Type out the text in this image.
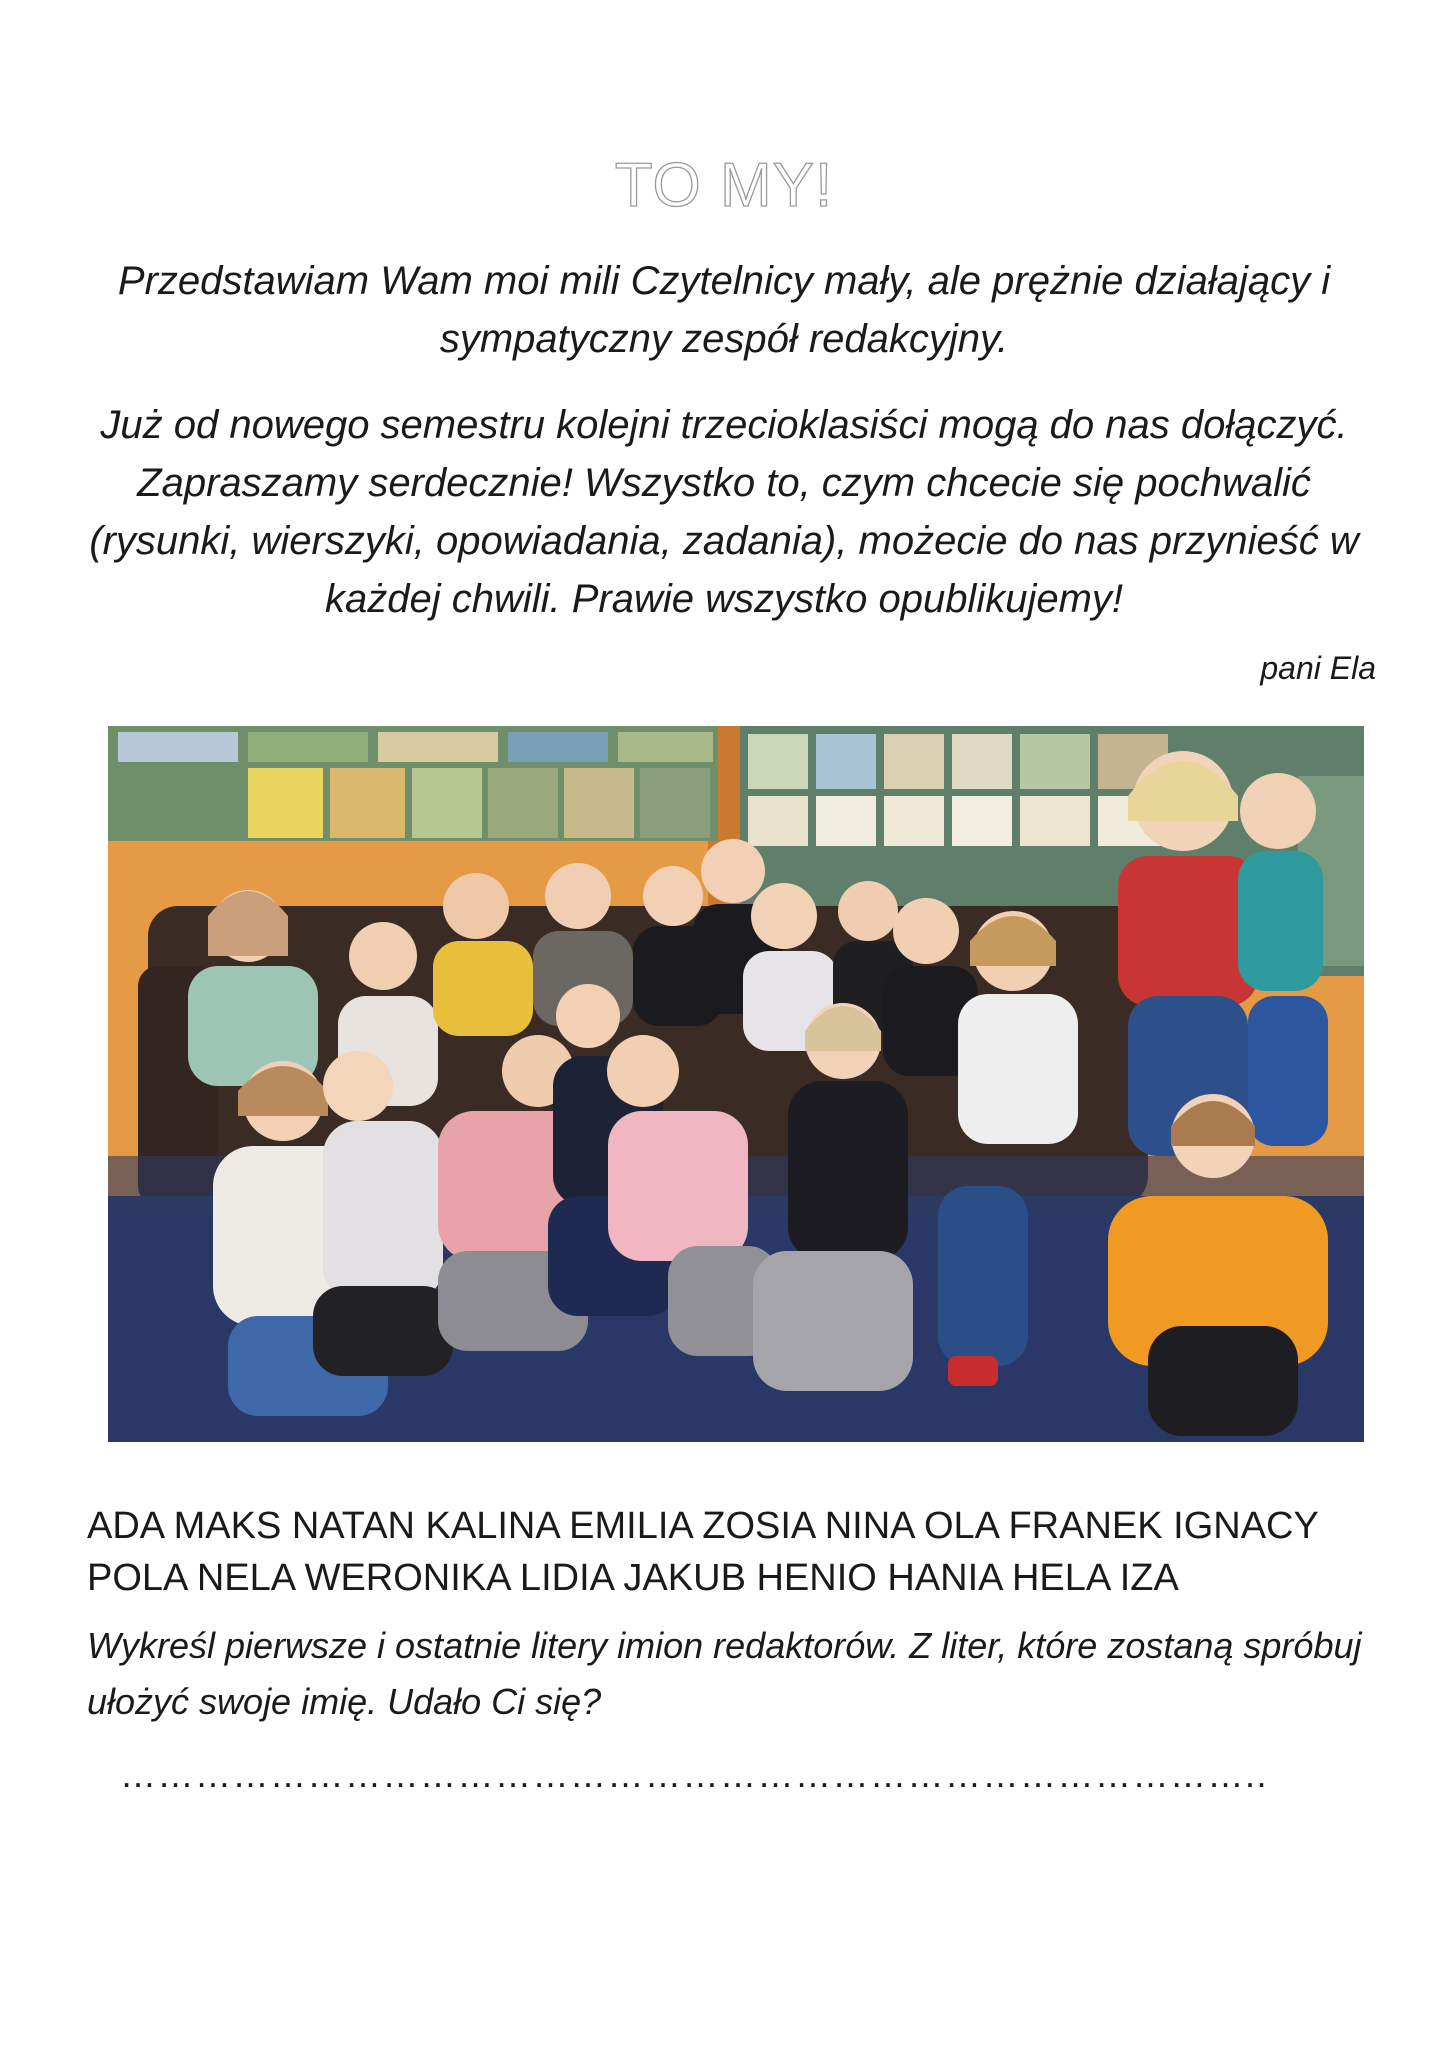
TO MY!

Przedstawiam Wam moi mili Czytelnicy mały, ale prężnie działający i sympatyczny zespół redakcyjny.

Już od nowego semestru kolejni trzecioklasiści mogą do nas dołączyć. Zapraszamy serdecznie! Wszystko to, czym chcecie się pochwalić (rysunki, wierszyki, opowiadania, zadania), możecie do nas przynieść w każdej chwili. Prawie wszystko opublikujemy!

pani Ela

ADA MAKS NATAN KALINA EMILIA ZOSIA NINA OLA FRANEK IGNACY POLA NELA WERONIKA LIDIA JAKUB HENIO HANIA HELA IZA

Wykreśl pierwsze i ostatnie litery imion redaktorów. Z liter, które zostaną spróbuj ułożyć swoje imię. Udało Ci się?

………………………………………………………………………………..
